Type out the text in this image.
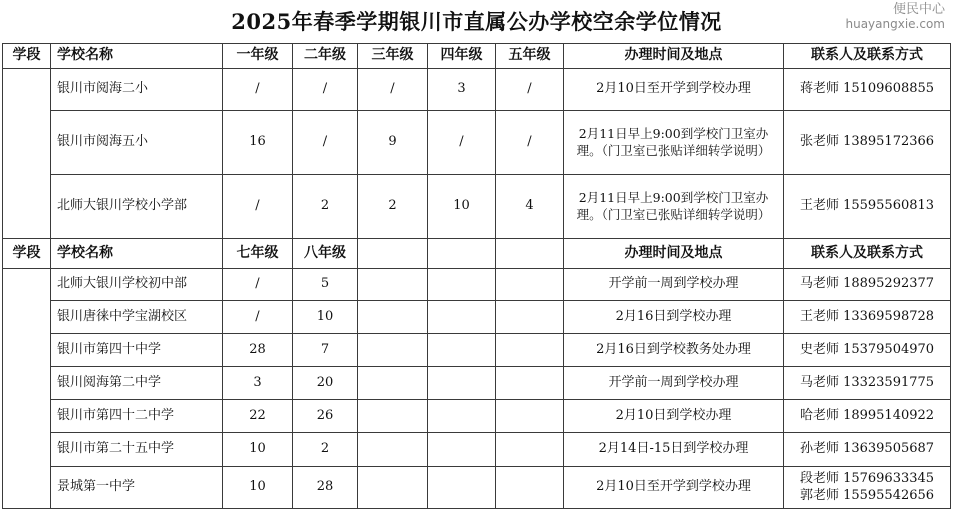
2025年春季学期银川市直属公办学校空余学位情况	便民中心
huayangxie.com
学段	学校名称	一年级	二年级	三年级	四年级	五年级	办理时间及地点	联系人及联系方式
	银川市阅海二小	/	/	/	3	/	2月10日至开学到学校办理	蒋老师 15109608855
	银川市阅海五小	16	/	9	/	/	2月11日早上9:00到学校门卫室办理。（门卫室已张贴详细转学说明）	张老师 13895172366
	北师大银川学校小学部	/	2	2	10	4	2月11日早上9:00到学校门卫室办理。（门卫室已张贴详细转学说明）	王老师 15595560813
学段	学校名称	七年级	八年级				办理时间及地点	联系人及联系方式
	北师大银川学校初中部	/	5				开学前一周到学校办理	马老师 18895292377
	银川唐徕中学宝湖校区	/	10				2月16日到学校办理	王老师 13369598728
	银川市第四十中学	28	7				2月16日到学校教务处办理	史老师 15379504970
	银川阅海第二中学	3	20				开学前一周到学校办理	马老师 13323591775
	银川市第四十二中学	22	26				2月10日到学校办理	哈老师 18995140922
	银川市第二十五中学	10	2				2月14日-15日到学校办理	孙老师 13639505687
	景城第一中学	10	28				2月10日至开学到学校办理	段老师 15769633345
郭老师 15595542656
